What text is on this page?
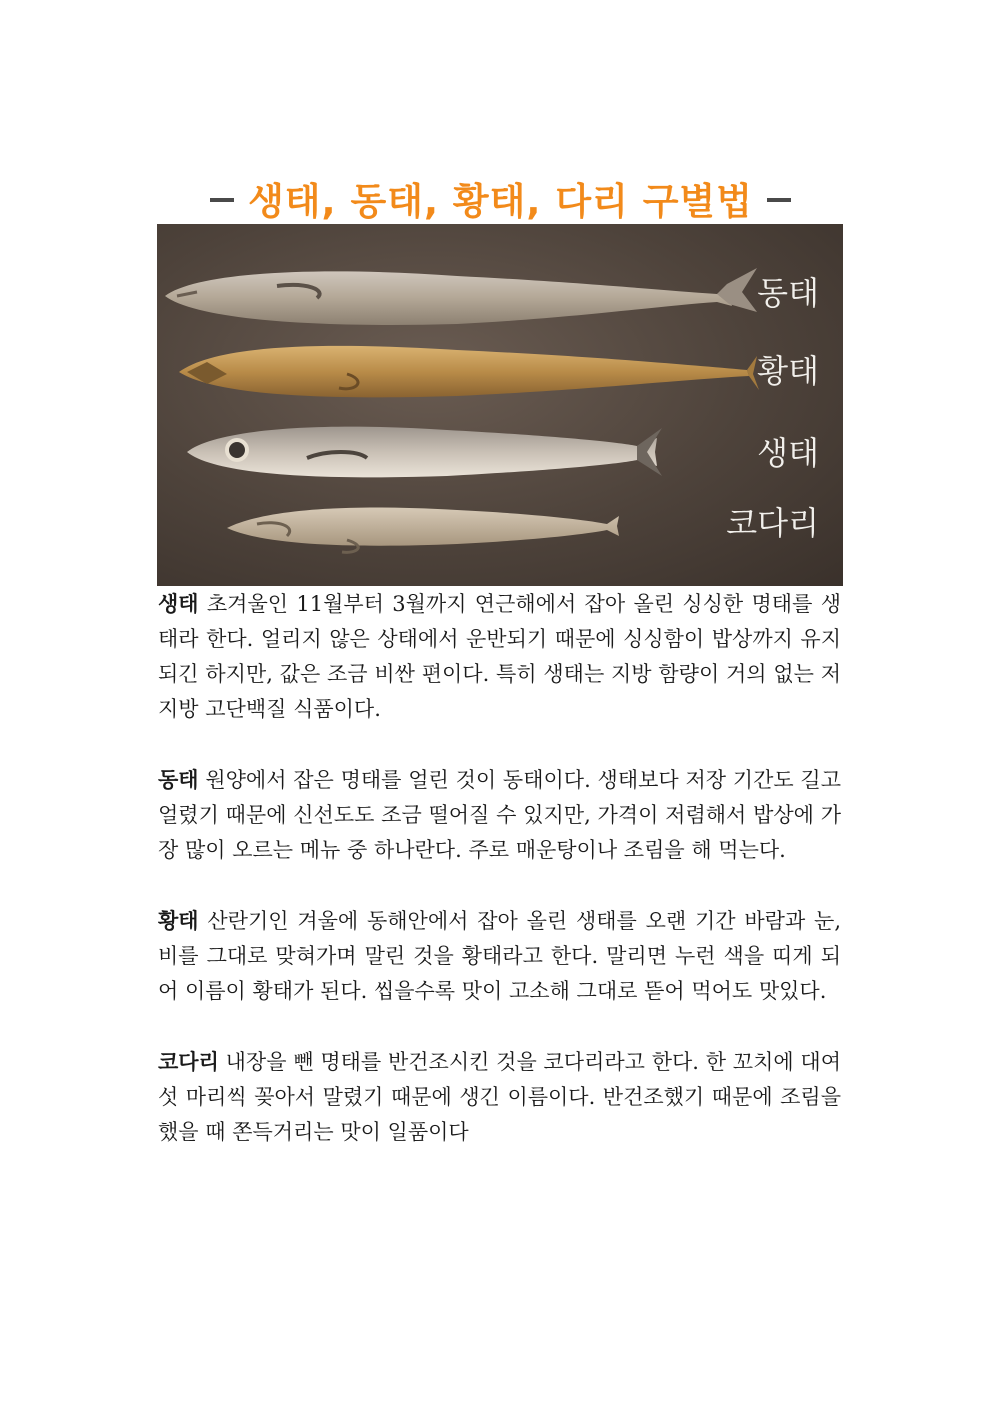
생태, 동태, 황태, 다리 구별법
동태
황태
생태
코다리

생태 초겨울인 11월부터 3월까지 연근해에서 잡아 올린 싱싱한 명태를 생태라 한다. 얼리지 않은 상태에서 운반되기 때문에 싱싱함이 밥상까지 유지되긴 하지만, 값은 조금 비싼 편이다. 특히 생태는 지방 함량이 거의 없는 저지방 고단백질 식품이다.

동태 원양에서 잡은 명태를 얼린 것이 동태이다. 생태보다 저장 기간도 길고 얼렸기 때문에 신선도도 조금 떨어질 수 있지만, 가격이 저렴해서 밥상에 가장 많이 오르는 메뉴 중 하나란다. 주로 매운탕이나 조림을 해 먹는다.

황태 산란기인 겨울에 동해안에서 잡아 올린 생태를 오랜 기간 바람과 눈, 비를 그대로 맞혀가며 말린 것을 황태라고 한다. 말리면 누런 색을 띠게 되어 이름이 황태가 된다. 씹을수록 맛이 고소해 그대로 뜯어 먹어도 맛있다.

코다리 내장을 뺀 명태를 반건조시킨 것을 코다리라고 한다. 한 꼬치에 대여섯 마리씩 꽂아서 말렸기 때문에 생긴 이름이다. 반건조했기 때문에 조림을 했을 때 쫀득거리는 맛이 일품이다
